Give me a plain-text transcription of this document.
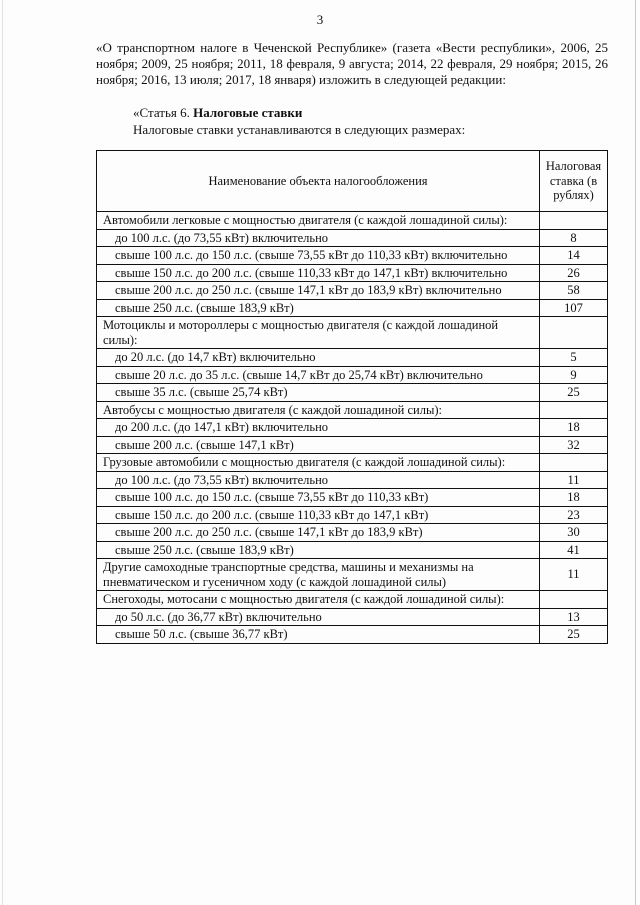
3

«О транспортном налоге в Чеченской Республике» (газета «Вести республики», 2006, 25 ноября; 2009, 25 ноября; 2011, 18 февраля, 9 августа; 2014, 22 февраля, 29 ноября; 2015, 26 ноября; 2016, 13 июля; 2017, 18 января) изложить в следующей редакции:

«Статья 6. Налоговые ставки
Налоговые ставки устанавливаются в следующих размерах:
Наименование объекта налогообложения	Налоговая ставка (в рублях)
Автомобили легковые с мощностью двигателя (с каждой лошадиной силы):	
до 100 л.с. (до 73,55 кВт) включительно	8
свыше 100 л.с. до 150 л.с. (свыше 73,55 кВт до 110,33 кВт) включительно	14
свыше 150 л.с. до 200 л.с. (свыше 110,33 кВт до 147,1 кВт) включительно	26
свыше 200 л.с. до 250 л.с. (свыше 147,1 кВт до 183,9 кВт) включительно	58
свыше 250 л.с. (свыше 183,9 кВт)	107
Мотоциклы и мотороллеры с мощностью двигателя (с каждой лошадиной силы):	
до 20 л.с. (до 14,7 кВт) включительно	5
свыше 20 л.с. до 35 л.с. (свыше 14,7 кВт до 25,74 кВт) включительно	9
свыше 35 л.с. (свыше 25,74 кВт)	25
Автобусы с мощностью двигателя (с каждой лошадиной силы):	
до 200 л.с. (до 147,1 кВт) включительно	18
свыше 200 л.с. (свыше 147,1 кВт)	32
Грузовые автомобили с мощностью двигателя (с каждой лошадиной силы):	
до 100 л.с. (до 73,55 кВт) включительно	11
свыше 100 л.с. до 150 л.с. (свыше 73,55 кВт до 110,33 кВт)	18
свыше 150 л.с. до 200 л.с. (свыше 110,33 кВт до 147,1 кВт)	23
свыше 200 л.с. до 250 л.с. (свыше 147,1 кВт до 183,9 кВт)	30
свыше 250 л.с. (свыше 183,9 кВт)	41
Другие самоходные транспортные средства, машины и механизмы на пневматическом и гусеничном ходу (с каждой лошадиной силы)	11
Снегоходы, мотосани с мощностью двигателя (с каждой лошадиной силы):	
до 50 л.с. (до 36,77 кВт) включительно	13
свыше 50 л.с. (свыше 36,77 кВт)	25
